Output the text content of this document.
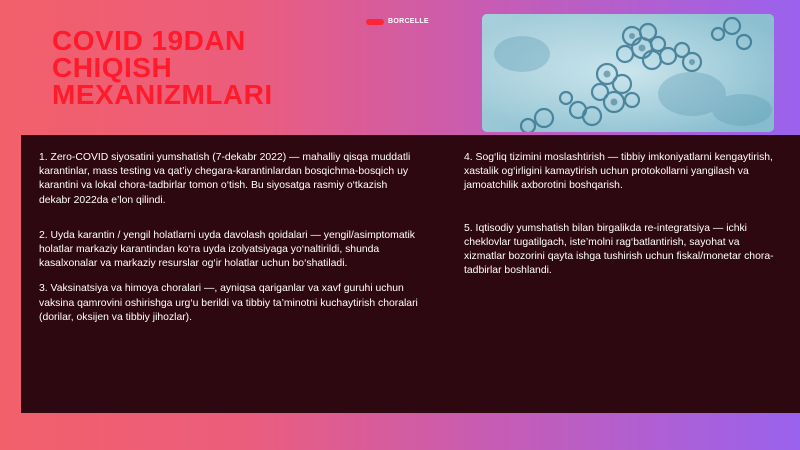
COVID 19DAN
CHIQISH
MEXANIZMLARI
BORCELLE

1. Zero-COVID siyosatini yumshatish (7-dekabr 2022) — mahalliy qisqa muddatli karantinlar, mass testing va qat’iy chegara-karantinlardan bosqichma-bosqich uy karantini va lokal chora-tadbirlar tomon o‘tish. Bu siyosatga rasmiy o‘tkazish dekabr 2022da e’lon qilindi.

2. Uyda karantin / yengil holatlarni uyda davolash qoidalari — yengil/asimptomatik holatlar markaziy karantindan ko‘ra uyda izolyatsiyaga yo‘naltirildi, shunda kasalxonalar va markaziy resurslar og‘ir holatlar uchun bo‘shatiladi.

3. Vaksinatsiya va himoya choralari —, ayniqsa qariganlar va xavf guruhi uchun vaksina qamrovini oshirishga urg‘u berildi va tibbiy ta’minotni kuchaytirish choralari (dorilar, oksijen va tibbiy jihozlar).

4. Sog‘liq tizimini moslashtirish — tibbiy imkoniyatlarni kengaytirish, xastalik og‘irligini kamaytirish uchun protokollarni yangilash va jamoatchilik axborotini boshqarish.

5. Iqtisodiy yumshatish bilan birgalikda re-integratsiya — ichki cheklovlar tugatilgach, iste’molni rag‘batlantirish, sayohat va xizmatlar bozorini qayta ishga tushirish uchun fiskal/monetar chora-tadbirlar boshlandi.
